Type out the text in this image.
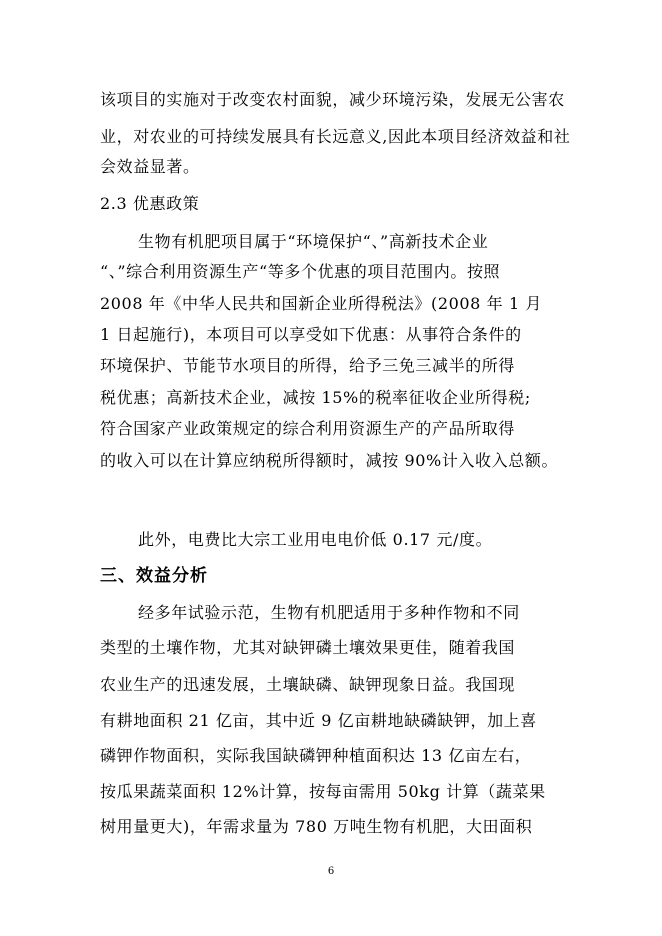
该项目的实施对于改变农村面貌，减少环境污染，发展无公害农
业，对农业的可持续发展具有长远意义,因此本项目经济效益和社
会效益显著。
2.3 优惠政策
生物有机肥项目属于“环境保护“、”高新技术企业
“、”综合利用资源生产“等多个优惠的项目范围内。按照
2008 年《中华人民共和国新企业所得税法》(2008 年 1 月
1 日起施行)，本项目可以享受如下优惠：从事符合条件的
环境保护、节能节水项目的所得，给予三免三减半的所得
税优惠；高新技术企业，减按 15%的税率征收企业所得税;
符合国家产业政策规定的综合利用资源生产的产品所取得
的收入可以在计算应纳税所得额时，减按 90%计入收入总额。
此外，电费比大宗工业用电电价低 0.17 元/度。
三、效益分析
经多年试验示范，生物有机肥适用于多种作物和不同
类型的土壤作物，尤其对缺钾磷土壤效果更佳，随着我国
农业生产的迅速发展，土壤缺磷、缺钾现象日益。我国现
有耕地面积 21 亿亩，其中近 9 亿亩耕地缺磷缺钾，加上喜
磷钾作物面积，实际我国缺磷钾种植面积达 13 亿亩左右，
按瓜果蔬菜面积 12%计算，按每亩需用 50kg 计算（蔬菜果
树用量更大)，年需求量为 780 万吨生物有机肥，大田面积
6
